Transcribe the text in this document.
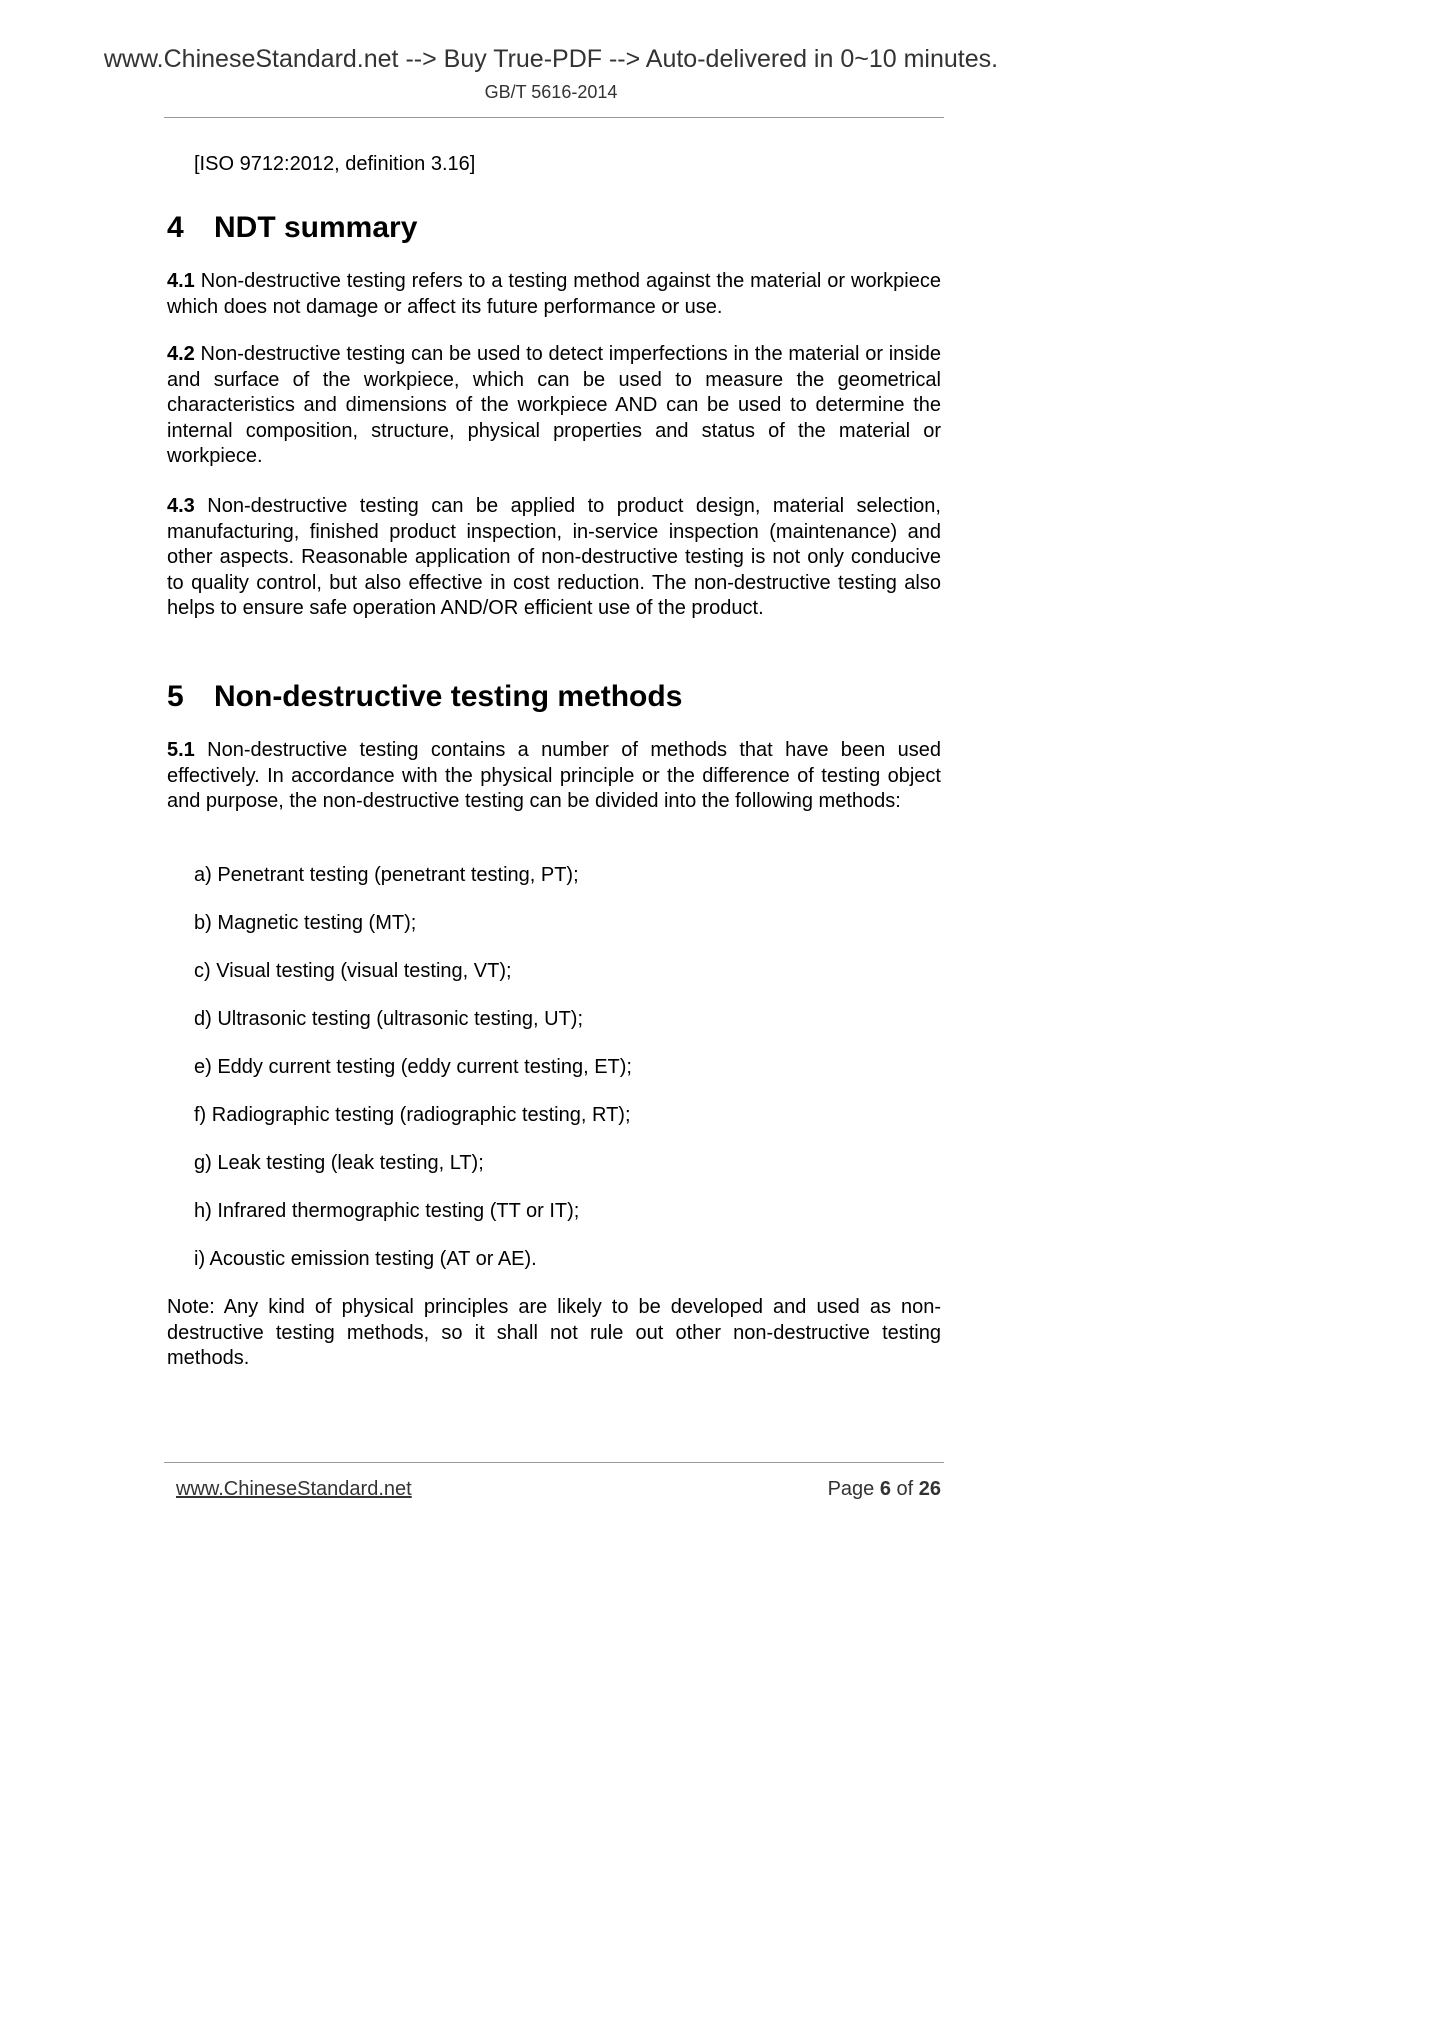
www.ChineseStandard.net --> Buy True-PDF --> Auto-delivered in 0~10 minutes.
GB/T 5616-2014
[ISO 9712:2012, definition 3.16]
4 NDT summary
4.1 Non-destructive testing refers to a testing method against the material or workpiece which does not damage or affect its future performance or use.
4.2 Non-destructive testing can be used to detect imperfections in the material or inside and surface of the workpiece, which can be used to measure the geometrical characteristics and dimensions of the workpiece AND can be used to determine the internal composition, structure, physical properties and status of the material or workpiece.
4.3 Non-destructive testing can be applied to product design, material selection, manufacturing, finished product inspection, in-service inspection (maintenance) and other aspects. Reasonable application of non-destructive testing is not only conducive to quality control, but also effective in cost reduction. The non-destructive testing also helps to ensure safe operation AND/OR efficient use of the product.
5 Non-destructive testing methods
5.1 Non-destructive testing contains a number of methods that have been used effectively. In accordance with the physical principle or the difference of testing object and purpose, the non-destructive testing can be divided into the following methods:
a) Penetrant testing (penetrant testing, PT);
b) Magnetic testing (MT);
c) Visual testing (visual testing, VT);
d) Ultrasonic testing (ultrasonic testing, UT);
e) Eddy current testing (eddy current testing, ET);
f) Radiographic testing (radiographic testing, RT);
g) Leak testing (leak testing, LT);
h) Infrared thermographic testing (TT or IT);
i) Acoustic emission testing (AT or AE).
Note: Any kind of physical principles are likely to be developed and used as non-destructive testing methods, so it shall not rule out other non-destructive testing methods.
www.ChineseStandard.net	Page 6 of 26
